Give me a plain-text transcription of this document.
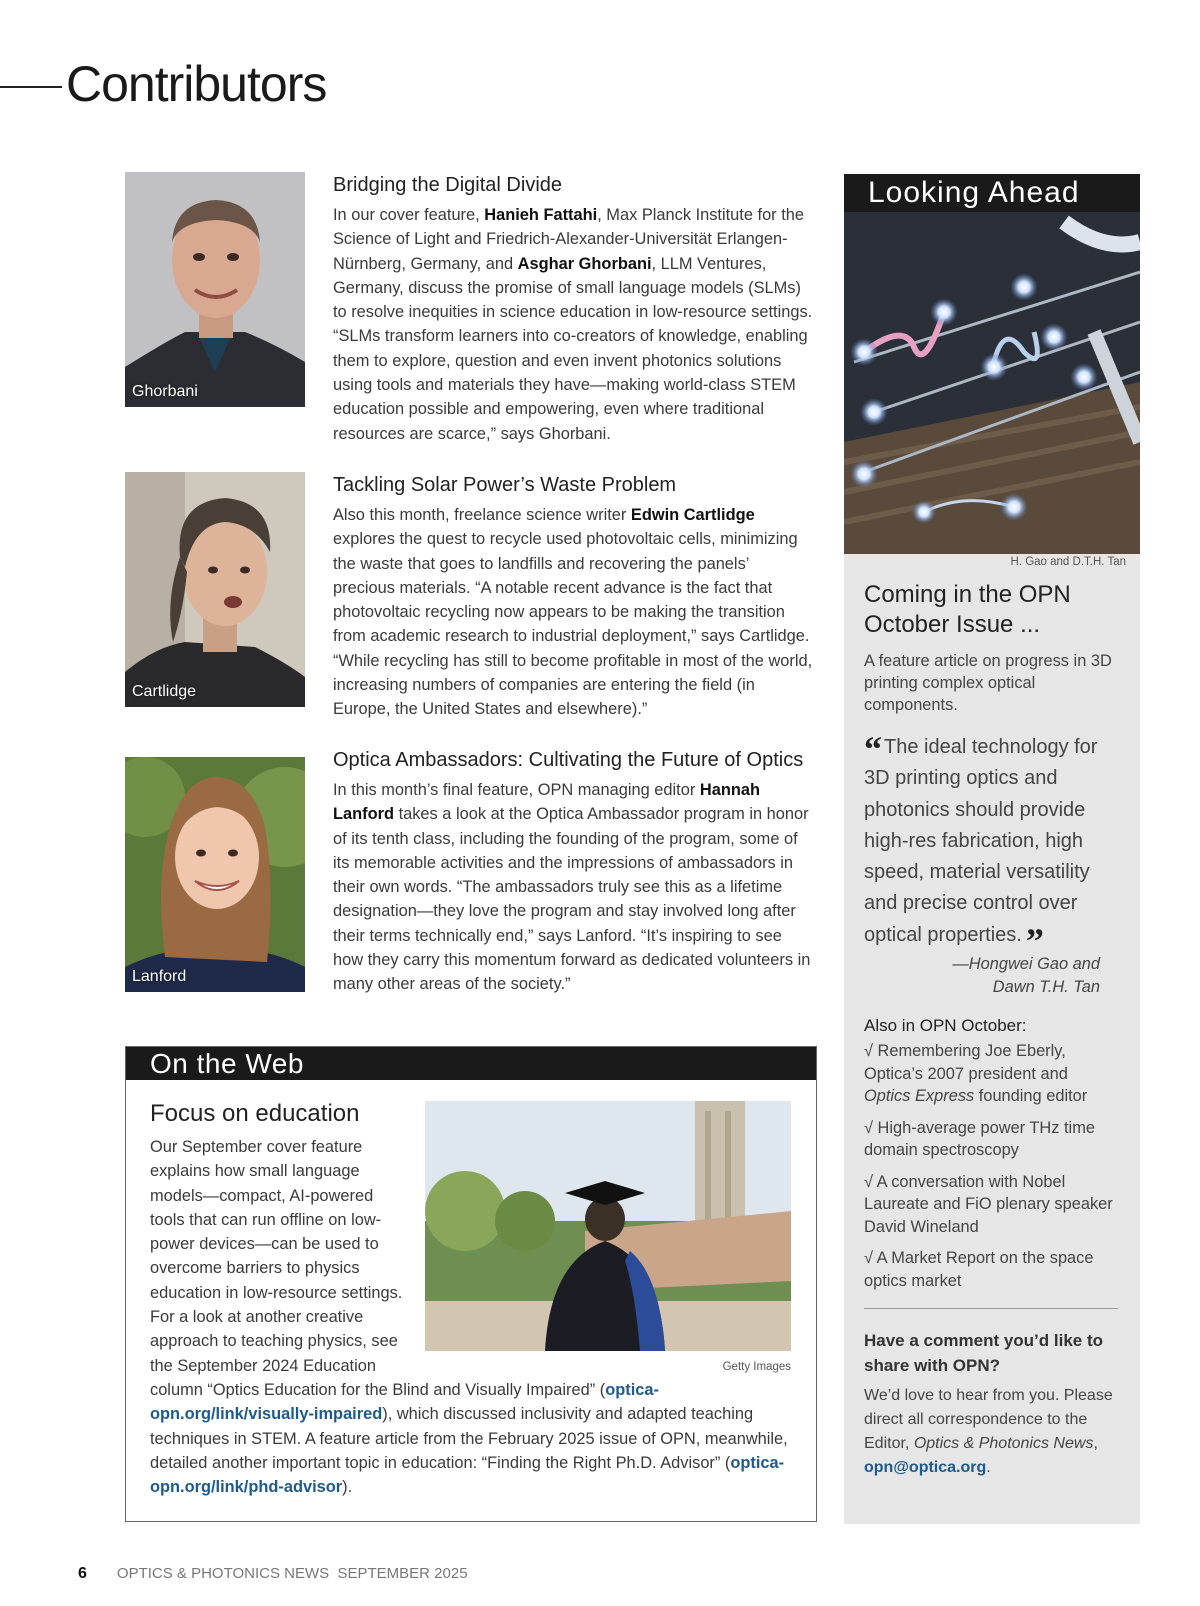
Contributors
Ghorbani
Bridging the Digital Divide

In our cover feature, Hanieh Fattahi, Max Planck Institute for the Science of Light and Friedrich-Alexander-Universität Erlangen-Nürnberg, Germany, and Asghar Ghorbani, LLM Ventures, Germany, discuss the promise of small language models (SLMs) to resolve inequities in science education in low-resource settings. “SLMs transform learners into co-creators of knowledge, enabling them to explore, question and even invent photonics solutions using tools and materials they have—making world-class STEM education possible and empowering, even where traditional resources are scarce,” says Ghorbani.

Cartlidge
Tackling Solar Power’s Waste Problem

Also this month, freelance science writer Edwin Cartlidge explores the quest to recycle used photovoltaic cells, minimizing the waste that goes to landfills and recovering the panels’ precious materials. “A notable recent advance is the fact that photovoltaic recycling now appears to be making the transition from academic research to industrial deployment,” says Cartlidge. “While recycling has still to become profitable in most of the world, increasing numbers of companies are entering the field (in Europe, the United States and elsewhere).”

Lanford
Optica Ambassadors: Cultivating the Future of Optics

In this month’s final feature, OPN managing editor Hannah Lanford takes a look at the Optica Ambassador program in honor of its tenth class, including the founding of the program, some of its memorable activities and the impressions of ambassadors in their own words. “The ambassadors truly see this as a lifetime designation—they love the program and stay involved long after their terms technically end,” says Lanford. “It’s inspiring to see how they carry this momentum forward as dedicated volunteers in many other areas of the society.”

On the Web
Focus on education
Getty Images
Our September cover feature explains how small language models—compact, AI-powered tools that can run offline on low-power devices—can be used to overcome barriers to physics education in low-resource settings. For a look at another creative approach to teaching physics, see the September 2024 Education column “Optics Education for the Blind and Visually Impaired” (optica-opn.org/link/visually-impaired), which discussed inclusivity and adapted teaching techniques in STEM. A feature article from the February 2025 issue of OPN, meanwhile, detailed another important topic in education: “Finding the Right Ph.D. Advisor” (optica-opn.org/link/phd-advisor).
Looking Ahead
H. Gao and D.T.H. Tan
Coming in the OPN October Issue ...
A feature article on progress in 3D printing complex optical components.
“ The ideal technology for 3D printing optics and photonics should provide high-res fabrication, high speed, material versatility and precise control over optical properties. ”
—Hongwei Gao and
Dawn T.H. Tan
Also in OPN October:
√ Remembering Joe Eberly, Optica’s 2007 president and Optics Express founding editor
√ High-average power THz time domain spectroscopy
√ A conversation with Nobel Laureate and FiO plenary speaker David Wineland
√ A Market Report on the space optics market
Have a comment you’d like to share with OPN?
We’d love to hear from you. Please direct all correspondence to the Editor, Optics & Photonics News, opn@optica.org.
6 OPTICS & PHOTONICS NEWS  SEPTEMBER 2025
